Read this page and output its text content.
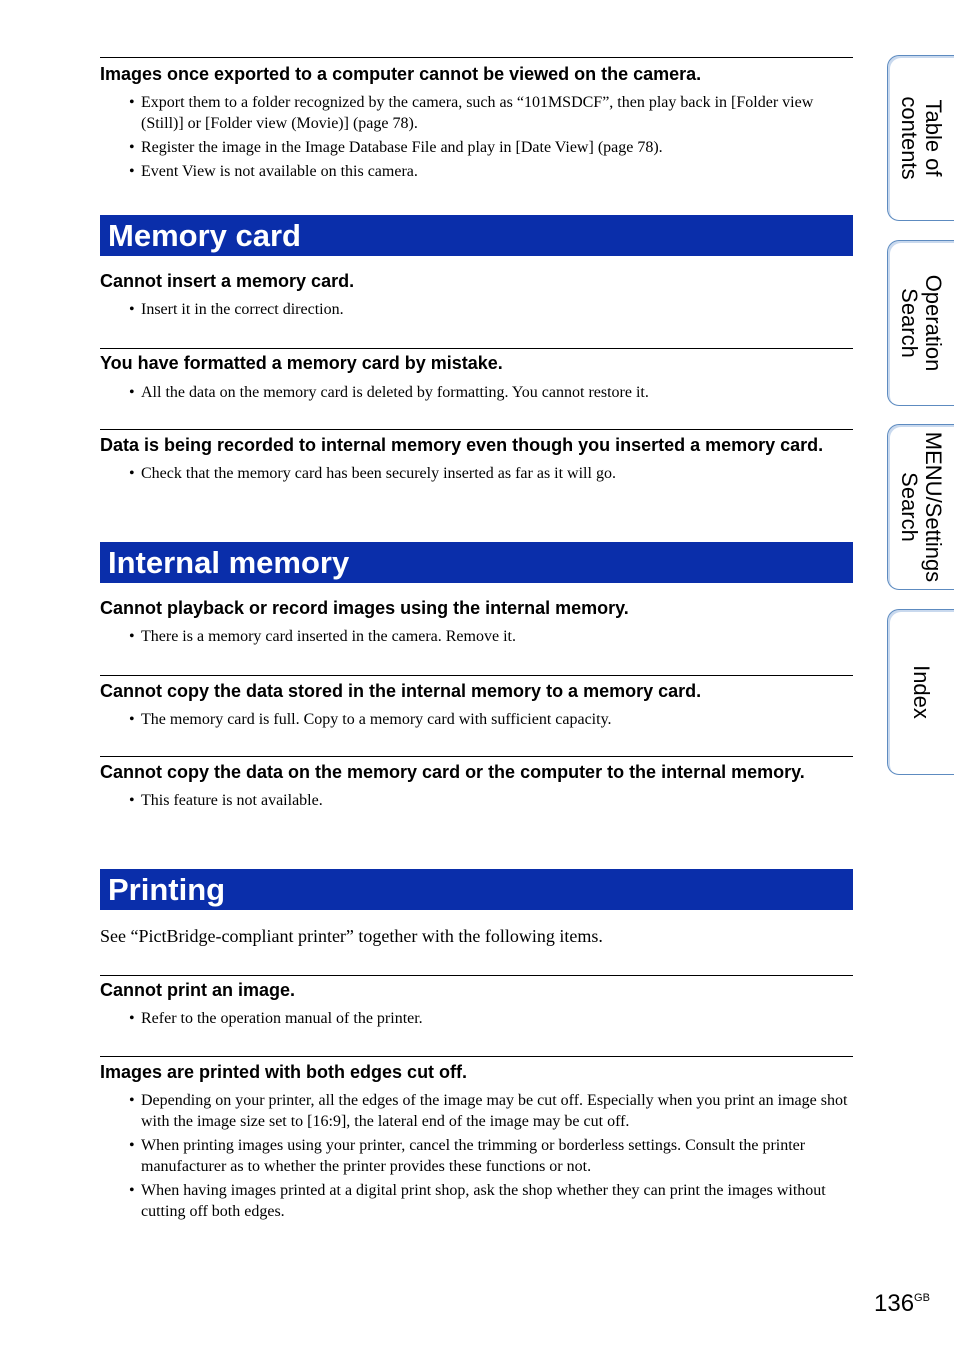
Images once exported to a computer cannot be viewed on the camera.

• Export them to a folder recognized by the camera, such as “101MSDCF”, then play back in [Folder view (Still)] or [Folder view (Movie)] (page 78).
• Register the image in the Image Database File and play in [Date View] (page 78).
• Event View is not available on this camera.
Memory card

Cannot insert a memory card.

• Insert it in the correct direction.

You have formatted a memory card by mistake.

• All the data on the memory card is deleted by formatting. You cannot restore it.

Data is being recorded to internal memory even though you inserted a memory card.

• Check that the memory card has been securely inserted as far as it will go.
Internal memory

Cannot playback or record images using the internal memory.

• There is a memory card inserted in the camera. Remove it.

Cannot copy the data stored in the internal memory to a memory card.

• The memory card is full. Copy to a memory card with sufficient capacity.

Cannot copy the data on the memory card or the computer to the internal memory.

• This feature is not available.
Printing

See “PictBridge-compliant printer” together with the following items.

Cannot print an image.

• Refer to the operation manual of the printer.

Images are printed with both edges cut off.

• Depending on your printer, all the edges of the image may be cut off. Especially when you print an image shot with the image size set to [16:9], the lateral end of the image may be cut off.
• When printing images using your printer, cancel the trimming or borderless settings. Consult the printer manufacturer as to whether the printer provides these functions or not.
• When having images printed at a digital print shop, ask the shop whether they can print the images without cutting off both edges.
Table of
contents
Operation
Search
MENU/Settings
Search
Index
$136^{GB}$
